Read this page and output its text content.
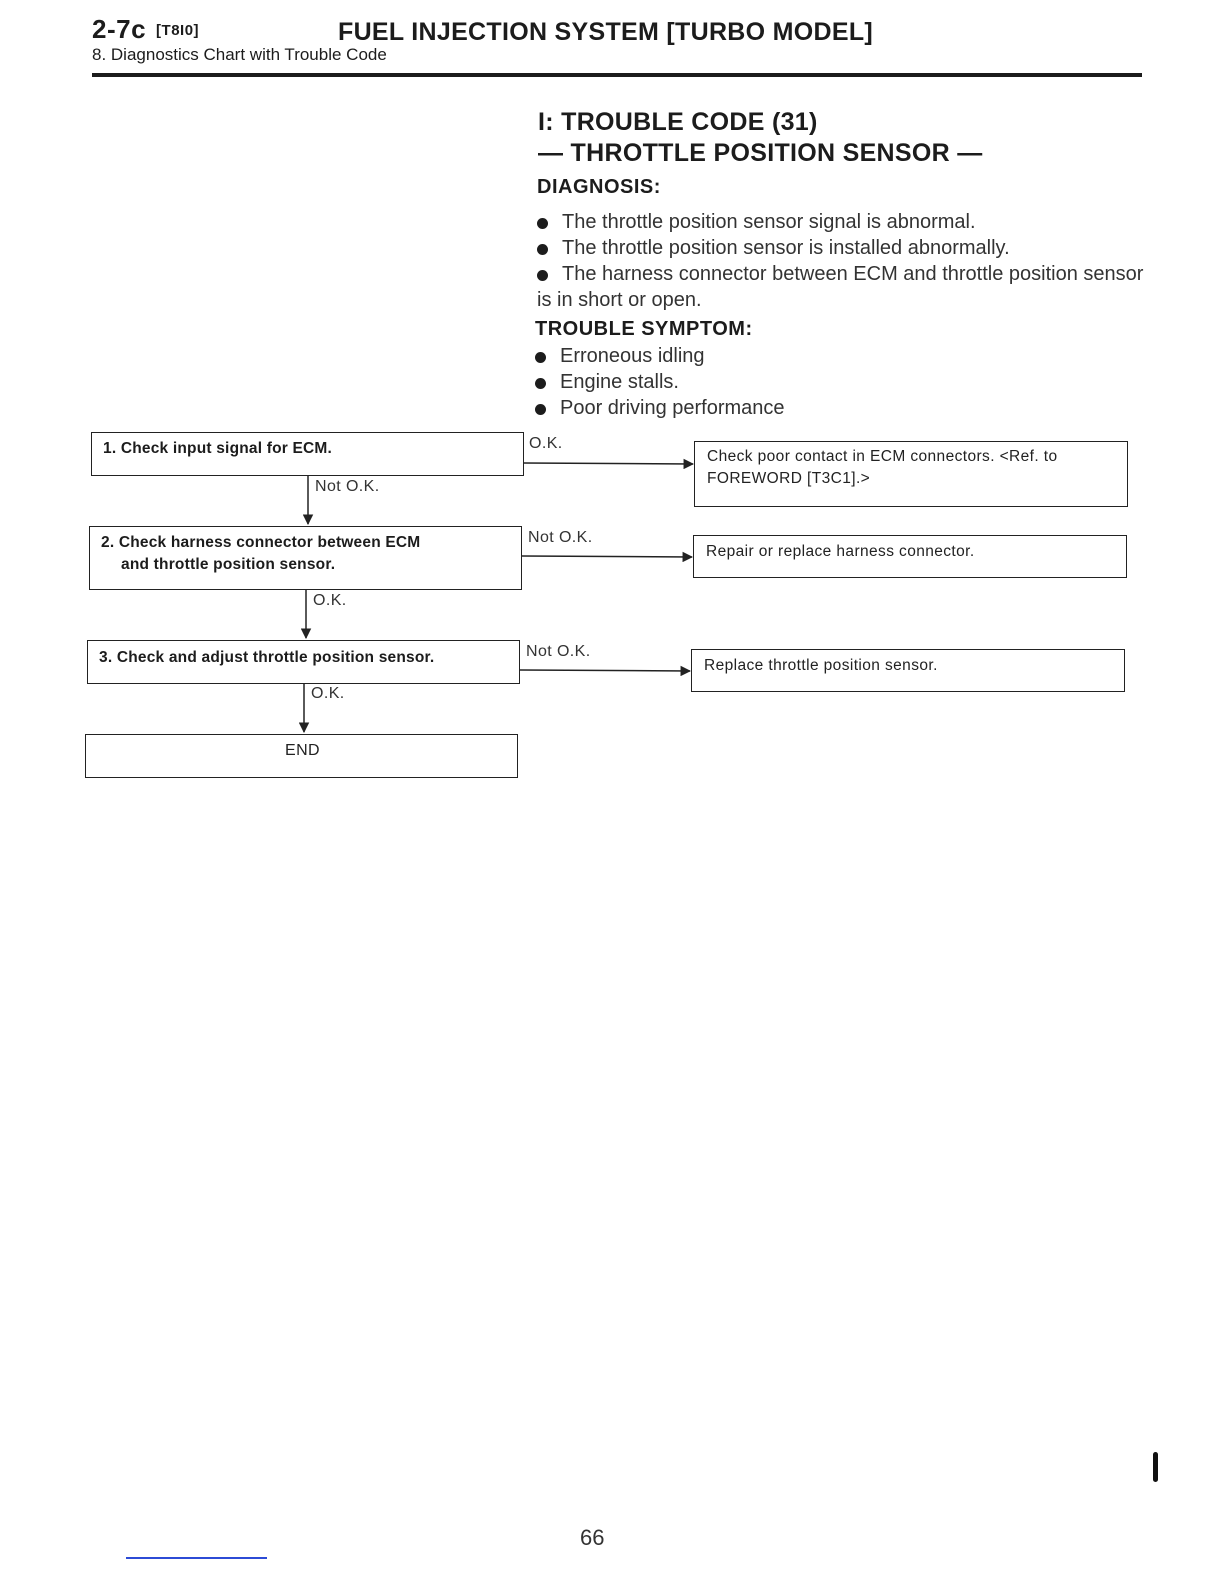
2-7c [T8I0]	FUEL INJECTION SYSTEM [TURBO MODEL]
8. Diagnostics Chart with Trouble Code
I: TROUBLE CODE (31)
— THROTTLE POSITION SENSOR —
DIAGNOSIS:
The throttle position sensor signal is abnormal.
The throttle position sensor is installed abnormally.
The harness connector between ECM and throttle position sensor is in short or open.
TROUBLE SYMPTOM:
Erroneous idling
Engine stalls.
Poor driving performance
1. Check input signal for ECM.
2. Check harness connector between ECM
and throttle position sensor.
3. Check and adjust throttle position sensor.
END
Check poor contact in ECM connectors. <Ref. to
FOREWORD [T3C1].>
Repair or replace harness connector.
Replace throttle position sensor.
O.K.
Not O.K.
Not O.K.
O.K.
Not O.K.
O.K.
66
